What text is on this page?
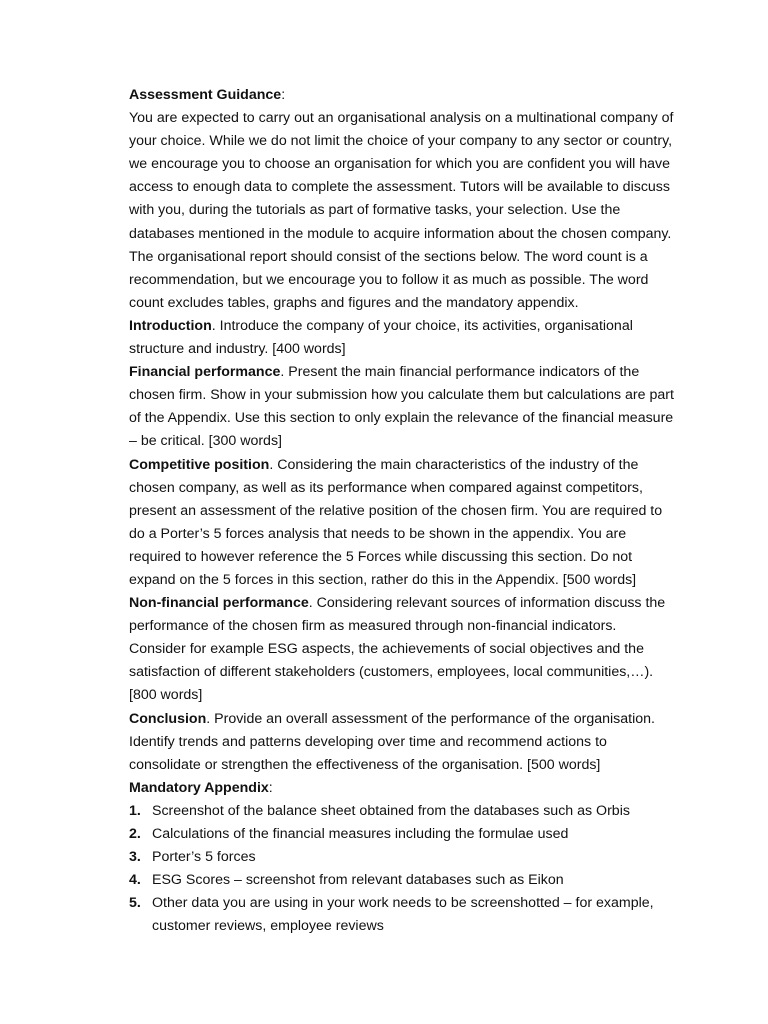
Assessment Guidance:

You are expected to carry out an organisational analysis on a multinational company of your choice. While we do not limit the choice of your company to any sector or country, we encourage you to choose an organisation for which you are confident you will have access to enough data to complete the assessment. Tutors will be available to discuss with you, during the tutorials as part of formative tasks, your selection. Use the databases mentioned in the module to acquire information about the chosen company. The organisational report should consist of the sections below. The word count is a recommendation, but we encourage you to follow it as much as possible. The word count excludes tables, graphs and figures and the mandatory appendix.

Introduction. Introduce the company of your choice, its activities, organisational structure and industry. [400 words]

Financial performance. Present the main financial performance indicators of the chosen firm. Show in your submission how you calculate them but calculations are part of the Appendix. Use this section to only explain the relevance of the financial measure – be critical. [300 words]

Competitive position. Considering the main characteristics of the industry of the chosen company, as well as its performance when compared against competitors, present an assessment of the relative position of the chosen firm. You are required to do a Porter’s 5 forces analysis that needs to be shown in the appendix. You are required to however reference the 5 Forces while discussing this section. Do not expand on the 5 forces in this section, rather do this in the Appendix. [500 words]

Non-financial performance. Considering relevant sources of information discuss the performance of the chosen firm as measured through non-financial indicators. Consider for example ESG aspects, the achievements of social objectives and the satisfaction of different stakeholders (customers, employees, local communities,…). [800 words]

Conclusion. Provide an overall assessment of the performance of the organisation. Identify trends and patterns developing over time and recommend actions to consolidate or strengthen the effectiveness of the organisation. [500 words]

Mandatory Appendix:

1. Screenshot of the balance sheet obtained from the databases such as Orbis
2. Calculations of the financial measures including the formulae used
3. Porter’s 5 forces
4. ESG Scores – screenshot from relevant databases such as Eikon
5. Other data you are using in your work needs to be screenshotted – for example, customer reviews, employee reviews
